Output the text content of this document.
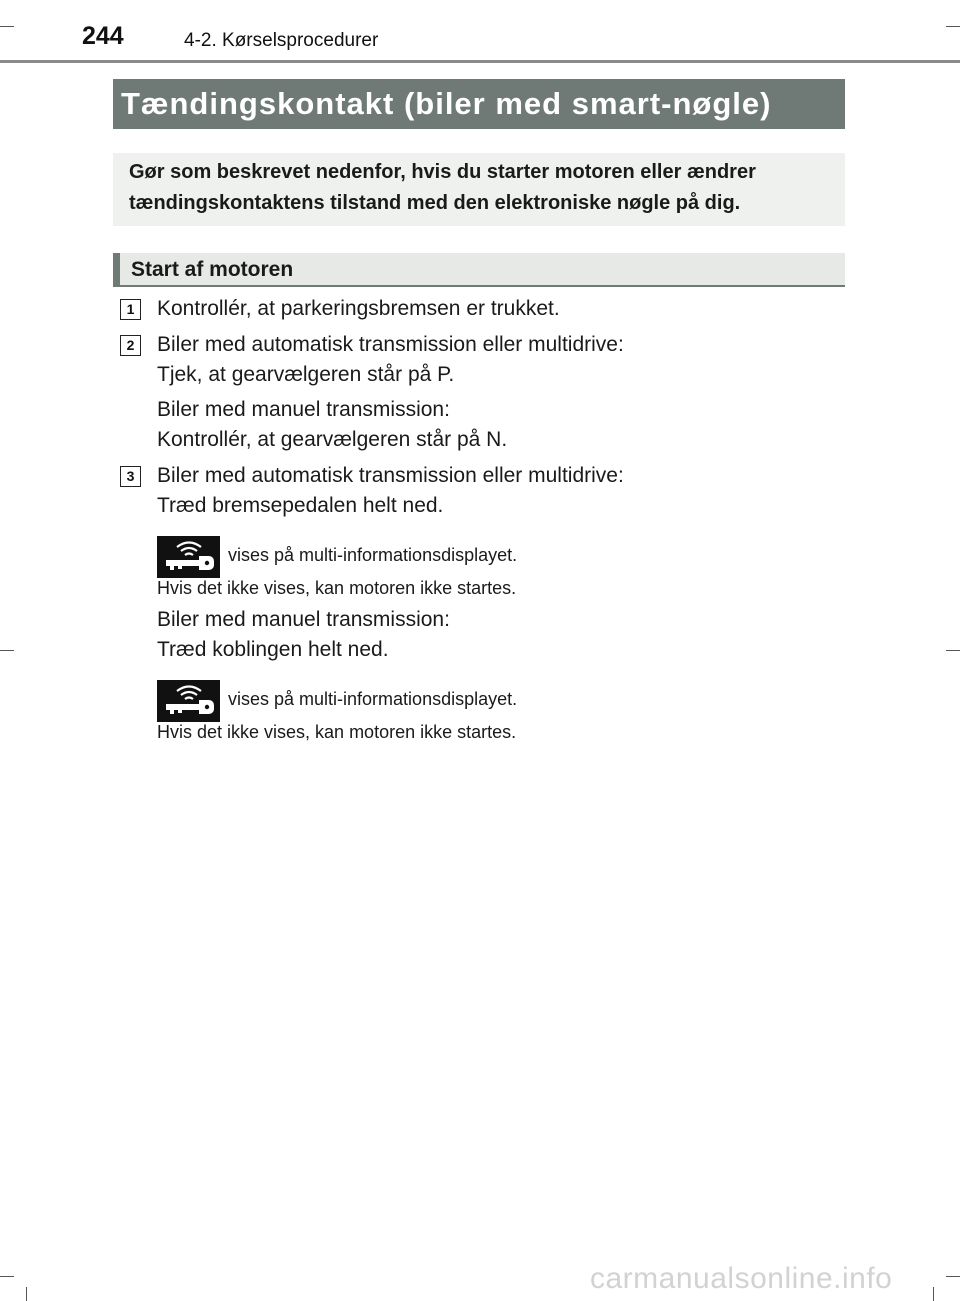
244	4-2. Kørselsprocedurer
Tændingskontakt (biler med smart-nøgle)
Gør som beskrevet nedenfor, hvis du starter motoren eller ændrer
tændingskontaktens tilstand med den elektroniske nøgle på dig.
Start af motoren
1	Kontrollér, at parkeringsbremsen er trukket.
2	Biler med automatisk transmission eller multidrive:
Tjek, at gearvælgeren står på P.
Biler med manuel transmission:
Kontrollér, at gearvælgeren står på N.
3	Biler med automatisk transmission eller multidrive:
Træd bremsepedalen helt ned.
vises på multi-informationsdisplayet.
Hvis det ikke vises, kan motoren ikke startes.
Biler med manuel transmission:
Træd koblingen helt ned.
vises på multi-informationsdisplayet.
Hvis det ikke vises, kan motoren ikke startes.
carmanualsonline.info
